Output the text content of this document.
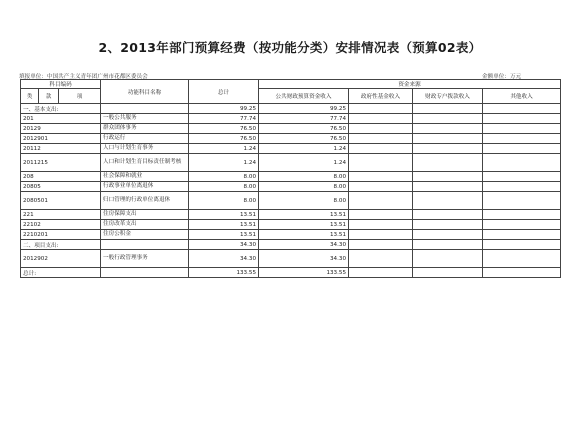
2、2013年部门预算经费（按功能分类）安排情况表（预算02表）
填报单位：中国共产主义青年团广州市花都区委员会	金额单位：万元
科目编码			功能科目名称	总计	资金来源			
类	款	项			公共财政预算资金收入	政府性基金收入	财政专户拨款收入	其他收入
一、基本支出:				99.25	99.25			
201			一般公共服务	77.74	77.74			
20129			群众团体事务	76.50	76.50			
2012901			行政运行	76.50	76.50			
20112			人口与计划生育事务	1.24	1.24			
2011215			人口和计划生育目标责任制考核	1.24	1.24			
208			社会保障和就业	8.00	8.00			
20805			行政事业单位离退休	8.00	8.00			
2080501			归口管理的行政单位离退休	8.00	8.00			
221			住房保障支出	13.51	13.51			
22102			住房改革支出	13.51	13.51			
2210201			住房公积金	13.51	13.51			
二、项目支出:				34.30	34.30			
2012902			一般行政管理事务	34.30	34.30			
总计:				133.55	133.55			
